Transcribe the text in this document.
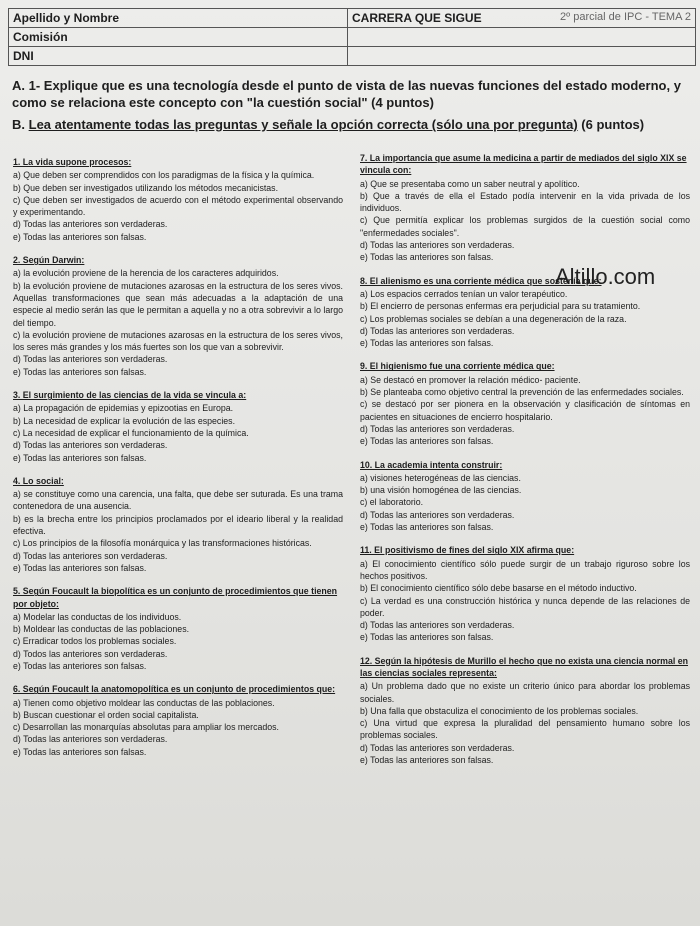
Apellido y Nombre	CARRERA QUE SIGUE 2º parcial de IPC - TEMA 2

Comisión	
DNI	

A. 1- Explique que es una tecnología desde el punto de vista de las nuevas funciones del estado moderno, y como se relaciona este concepto con "la cuestión social" (4 puntos)

B. Lea atentamente todas las preguntas y señale la opción correcta (sólo una por pregunta) (6 puntos)

Altillo.com

1. La vida supone procesos:

a) Que deben ser comprendidos con los paradigmas de la física y la química.

b) Que deben ser investigados utilizando los métodos mecanicistas.

c) Que deben ser investigados de acuerdo con el método experimental observando y experimentando.

d) Todas las anteriores son verdaderas.

e) Todas las anteriores son falsas.

2. Según Darwin:

a) la evolución proviene de la herencia de los caracteres adquiridos.

b) la evolución proviene de mutaciones azarosas en la estructura de los seres vivos. Aquellas transformaciones que sean más adecuadas a la adaptación de una especie al medio serán las que le permitan a aquella y no a otra sobrevivir a lo largo del tiempo.

c) la evolución proviene de mutaciones azarosas en la estructura de los seres vivos, los seres más grandes y los más fuertes son los que van a sobrevivir.

d) Todas las anteriores son verdaderas.

e) Todas las anteriores son falsas.

3. El surgimiento de las ciencias de la vida se vincula a:

a) La propagación de epidemias y epizootias en Europa.

b) La necesidad de explicar la evolución de las especies.

c) La necesidad de explicar el funcionamiento de la química.

d) Todas las anteriores son verdaderas.

e) Todas las anteriores son falsas.

4. Lo social:

a) se constituye como una carencia, una falta, que debe ser suturada. Es una trama contenedora de una ausencia.

b) es la brecha entre los principios proclamados por el ideario liberal y la realidad efectiva.

c) Los principios de la filosofía monárquica y las transformaciones históricas.

d) Todas las anteriores son verdaderas.

e) Todas las anteriores son falsas.

5. Según Foucault la biopolítica es un conjunto de procedimientos que tienen por objeto:

a) Modelar las conductas de los individuos.

b) Moldear las conductas de las poblaciones.

c) Erradicar todos los problemas sociales.

d) Todos las anteriores son verdaderas.

e) Todas las anteriores son falsas.

6. Según Foucault la anatomopolítica es un conjunto de procedimientos que:

a) Tienen como objetivo moldear las conductas de las poblaciones.

b) Buscan cuestionar el orden social capitalista.

c) Desarrollan las monarquías absolutas para ampliar los mercados.

d) Todas las anteriores son verdaderas.

e) Todas las anteriores son falsas.

7. La importancia que asume la medicina a partir de mediados del siglo XIX se vincula con:

a) Que se presentaba como un saber neutral y apolítico.

b) Que a través de ella el Estado podía intervenir en la vida privada de los individuos.

c) Que permitía explicar los problemas surgidos de la cuestión social como "enfermedades sociales".

d) Todas las anteriores son verdaderas.

e) Todas las anteriores son falsas.

8. El alienismo es una corriente médica que sostenía que:

a) Los espacios cerrados tenían un valor terapéutico.

b) El encierro de personas enfermas era perjudicial para su tratamiento.

c) Los problemas sociales se debían a una degeneración de la raza.

d) Todas las anteriores son verdaderas.

e) Todas las anteriores son falsas.

9. El higienismo fue una corriente médica que:

a) Se destacó en promover la relación médico- paciente.

b) Se planteaba como objetivo central la prevención de las enfermedades sociales.

c) se destacó por ser pionera en la observación y clasificación de síntomas en pacientes en situaciones de encierro hospitalario.

d) Todas las anteriores son verdaderas.

e) Todas las anteriores son falsas.

10. La academia intenta construir:

a) visiones heterogéneas de las ciencias.

b) una visión homogénea de las ciencias.

c) el laboratorio.

d) Todas las anteriores son verdaderas.

e) Todas las anteriores son falsas.

11. El positivismo de fines del siglo XIX afirma que:

a) El conocimiento científico sólo puede surgir de un trabajo riguroso sobre los hechos positivos.

b) El conocimiento científico sólo debe basarse en el método inductivo.

c) La verdad es una construcción histórica y nunca depende de las relaciones de poder.

d) Todas las anteriores son verdaderas.

e) Todas las anteriores son falsas.

12. Según la hipótesis de Murillo el hecho que no exista una ciencia normal en las ciencias sociales representa:

a) Un problema dado que no existe un criterio único para abordar los problemas sociales.

b) Una falla que obstaculiza el conocimiento de los problemas sociales.

c) Una virtud que expresa la pluralidad del pensamiento humano sobre los problemas sociales.

d) Todas las anteriores son verdaderas.

e) Todas las anteriores son falsas.
